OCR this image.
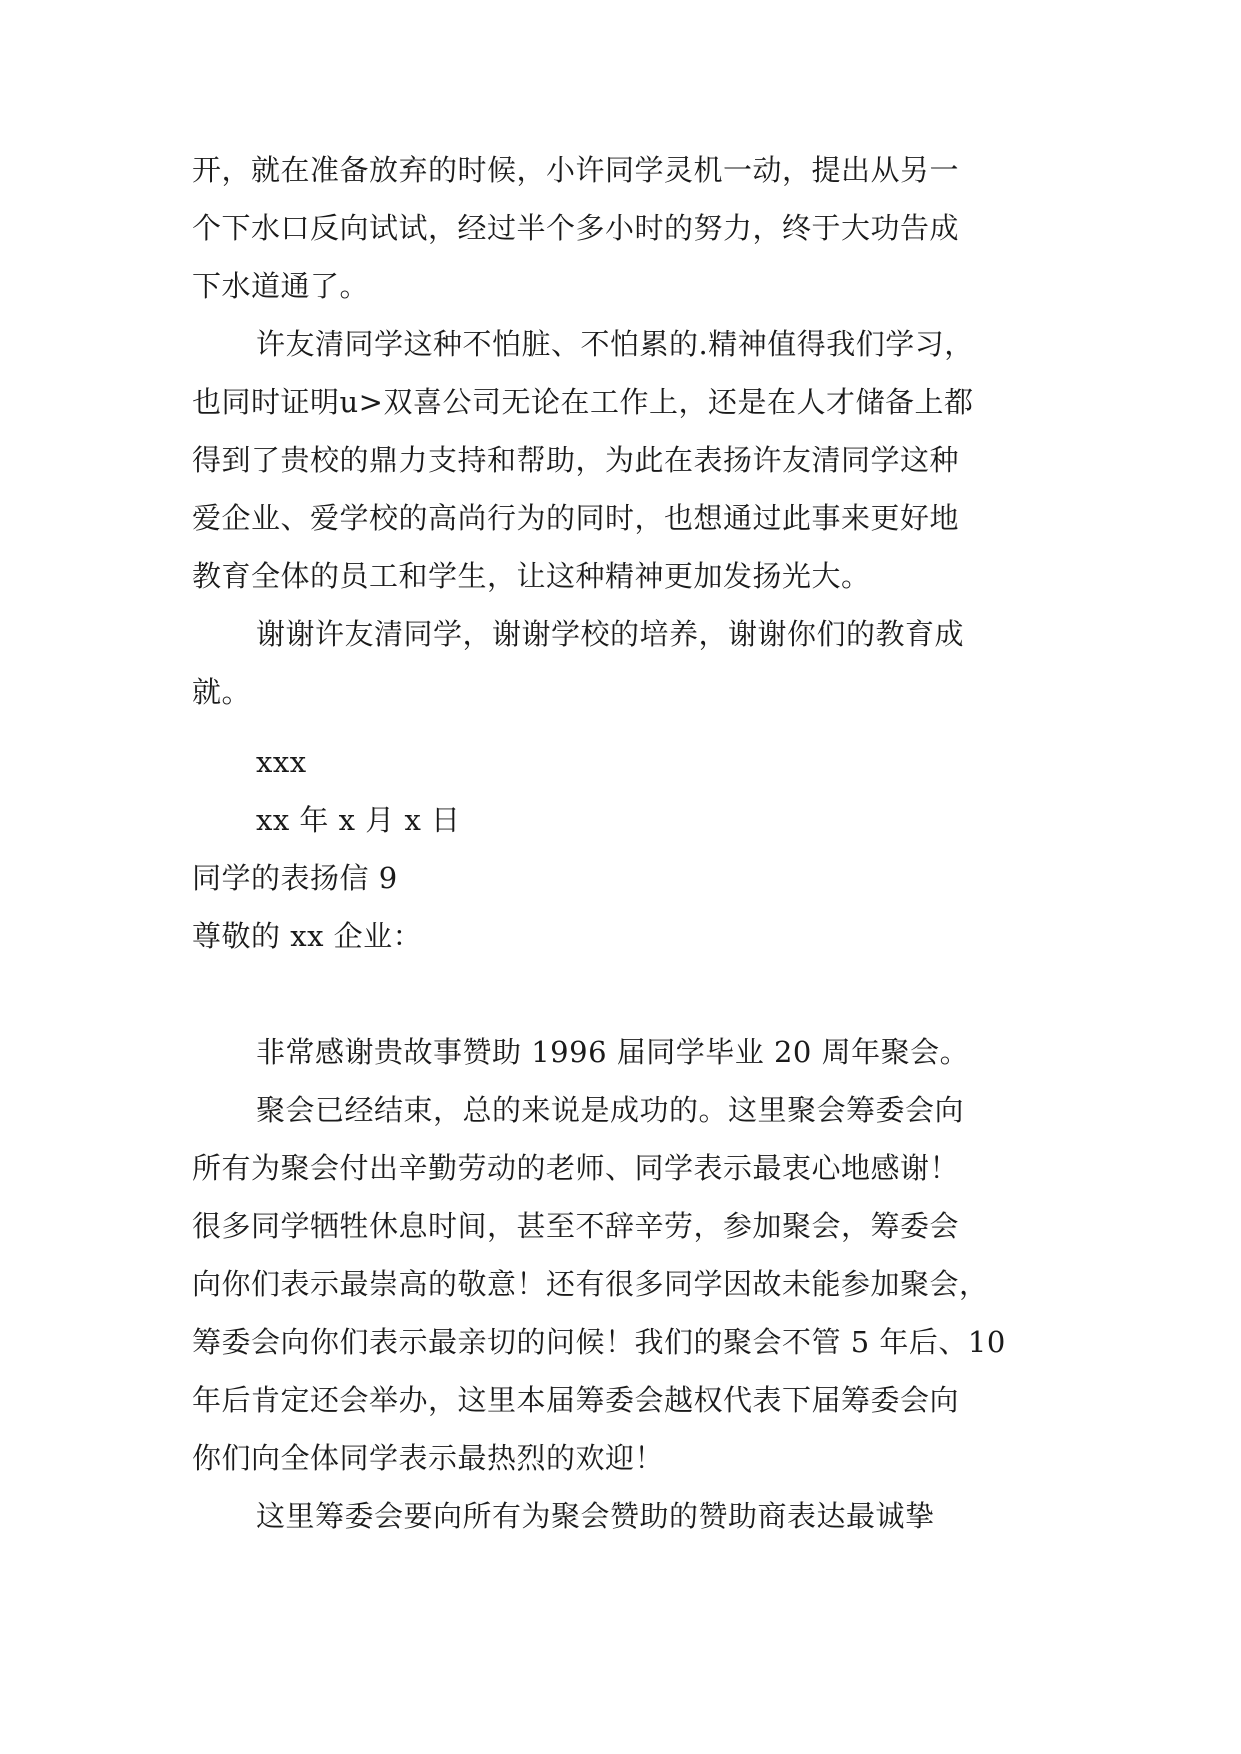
开，就在准备放弃的时候，小许同学灵机一动，提出从另一
个下水口反向试试，经过半个多小时的努力，终于大功告成
下水道通了。
许友清同学这种不怕脏、不怕累的.精神值得我们学习，
也同时证明u>双喜公司无论在工作上，还是在人才储备上都
得到了贵校的鼎力支持和帮助，为此在表扬许友清同学这种
爱企业、爱学校的高尚行为的同时，也想通过此事来更好地
教育全体的员工和学生，让这种精神更加发扬光大。
谢谢许友清同学，谢谢学校的培养，谢谢你们的教育成
就。
xxx
xx 年 x 月 x 日
同学的表扬信 9
尊敬的 xx 企业：
非常感谢贵故事赞助 1996 届同学毕业 20 周年聚会。
聚会已经结束，总的来说是成功的。这里聚会筹委会向
所有为聚会付出辛勤劳动的老师、同学表示最衷心地感谢！
很多同学牺牲休息时间，甚至不辞辛劳，参加聚会，筹委会
向你们表示最崇高的敬意！还有很多同学因故未能参加聚会，
筹委会向你们表示最亲切的问候！我们的聚会不管 5 年后、10
年后肯定还会举办，这里本届筹委会越权代表下届筹委会向
你们向全体同学表示最热烈的欢迎！
这里筹委会要向所有为聚会赞助的赞助商表达最诚挚
